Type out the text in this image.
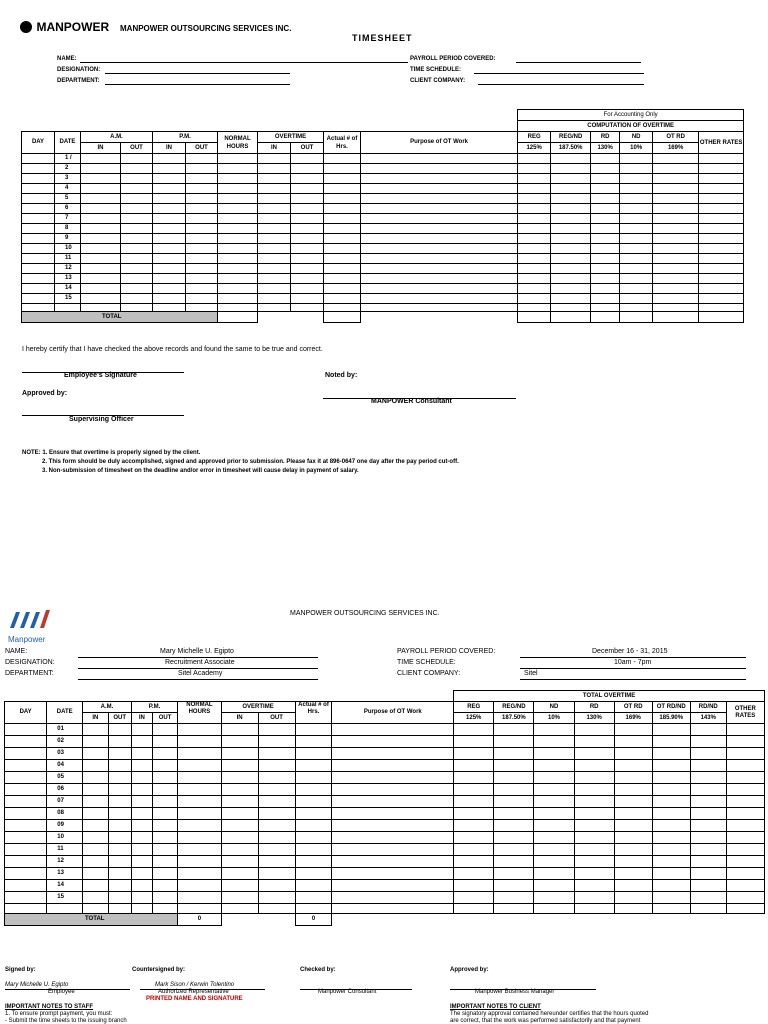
MANPOWER MANPOWER OUTSOURCING SERVICES INC.
TIMESHEET
NAME:
DESIGNATION:
DEPARTMENT:
PAYROLL PERIOD COVERED:
TIME SCHEDULE:
CLIENT COMPANY:
											For Accounting Only					
											COMPUTATION OF OVERTIME					
DAY	DATE	A.M.		P.M.		NORMAL HOURS	OVERTIME		Actual # of Hrs.	Purpose of OT Work	REG	REG/ND	RD	ND	OT RD	OTHER RATES
		IN	OUT	IN	OUT		IN	OUT			125%	187.50%	130%	10%	169%	
	1 /															
	2															
	3															
	4															
	5															
	6															
	7															
	8															
	9															
	10															
	11															
	12															
	13															
	14															
	15															

TOTAL																
I hereby certify that I have checked the above records and found the same to be true and correct.
Employee's Signature	Noted by:
Approved by:
MANPOWER Consultant
Supervising Officer
NOTE: 1. Ensure that overtime is properly signed by the client.
2. This form should be duly accomplished, signed and approved prior to submission. Please fax it at 896-0647 one day after the pay period cut-off.
3. Non-submission of timesheet on the deadline and/or error in timesheet will cause delay in payment of salary.
Manpower
MANPOWER OUTSOURCING SERVICES INC.
NAME:	Mary Michelle U. Egipto
DESIGNATION:	Recruitment Associate
DEPARTMENT:	Sitel Academy
PAYROLL PERIOD COVERED:	December 16 - 31, 2015
TIME SCHEDULE:	10am - 7pm
CLIENT COMPANY:	Sitel
											TOTAL OVERTIME							
DAY	DATE	A.M.		P.M.		NORMAL HOURS	OVERTIME		Actual # of Hrs.	Purpose of OT Work	REG	REG/ND	ND	RD	OT RD	OT RD/ND	RD/ND	OTHER RATES
		IN	OUT	IN	OUT		IN	OUT			125%	187.50%	10%	130%	169%	185.90%	143%	
	01																	
	02																	
	03																	
	04																	
	05																	
	06																	
	07																	
	08																	
	09																	
	10																	
	11																	
	12																	
	13																	
	14																	
	15																	

TOTAL						0			0									
Signed by:	Countersigned by:	Checked by:	Approved by:
Mary Michelle U. Egipto
Employee
Mark Sison / Kerwin Tolentino
Authorized Representative
PRINTED NAME AND SIGNATURE
Manpower Consultant	Manpower Business Manager
IMPORTANT NOTES TO STAFF
1. To ensure prompt payment, you must:
- Submit the time sheets to the issuing branch
IMPORTANT NOTES TO CLIENT
The signatory approval contained hereunder certifies that the hours quoted
are correct, that the work was performed satisfactorily and that payment
